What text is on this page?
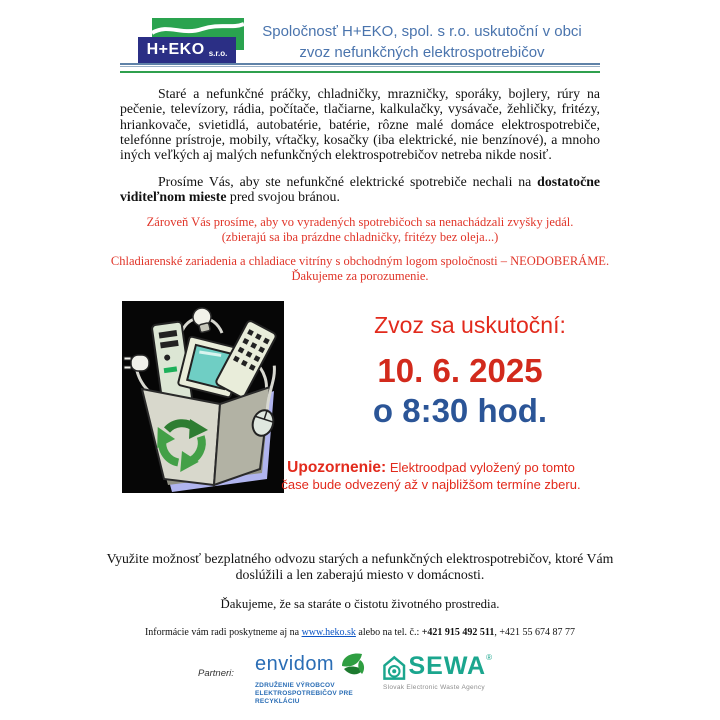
H+EKO s.r.o.
Spoločnosť H+EKO, spol. s r.o. uskutoční v obci
zvoz nefunkčných elektrospotrebičov

Staré a nefunkčné práčky, chladničky, mrazničky, sporáky, bojlery, rúry na pečenie, televízory, rádia, počítače, tlačiarne, kalkulačky, vysávače, žehličky, fritézy, hriankovače, svietidlá, autobatérie, batérie, rôzne malé domáce elektrospotrebiče, telefónne prístroje, mobily, vŕtačky, kosačky (iba elektrické, nie benzínové), a mnoho iných veľkých aj malých nefunkčných elektrospotrebičov netreba nikde nosiť.

Prosíme Vás, aby ste nefunkčné elektrické spotrebiče nechali na dostatočne viditeľnom mieste pred svojou bránou.

Zároveň Vás prosíme, aby vo vyradených spotrebičoch sa nenachádzali zvyšky jedál.
(zbierajú sa iba prázdne chladničky, fritézy bez oleja...)
Chladiarenské zariadenia a chladiace vitríny s obchodným logom spoločnosti – NEODOBERÁME.
Ďakujeme za porozumenie.
Zvoz sa uskutoční:
10. 6. 2025
o 8:30 hod.
Upozornenie: Elektroodpad vyložený po tomto čase bude odvezený až v najbližšom termíne zberu.
Využite možnosť bezplatného odvozu starých a nefunkčných elektrospotrebičov, ktoré Vám doslúžili a len zaberajú miesto v domácnosti.
Ďakujeme, že sa staráte o čistotu životného prostredia.
Informácie vám radi poskytneme aj na www.heko.sk alebo na tel. č.: +421 915 492 511, +421 55 674 87 77
Partneri: envidom
ZDRUŽENIE VÝROBCOV
ELEKTROSPOTREBIČOV PRE RECYKLÁCIU
SEWA ®
Slovak Electronic Waste Agency
